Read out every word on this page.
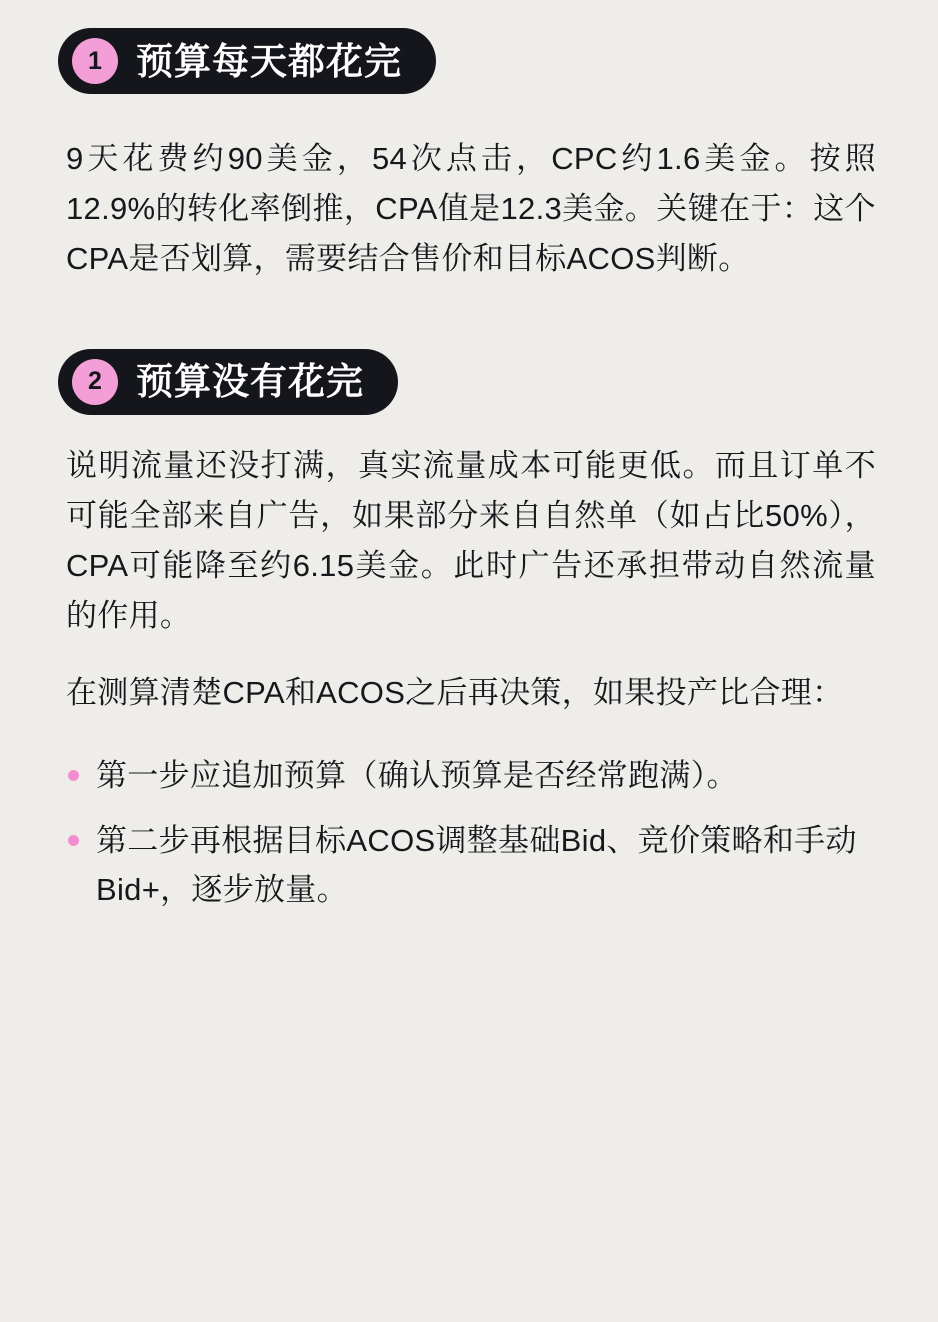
1 预算每天都花完

9天花费约90美金，54次点击，CPC约1.6美金。按照12.9%的转化率倒推，CPA值是12.3美金。关键在于：这个CPA是否划算，需要结合售价和目标ACOS判断。

2 预算没有花完

说明流量还没打满，真实流量成本可能更低。而且订单不可能全部来自广告，如果部分来自自然单（如占比50%），CPA可能降至约6.15美金。此时广告还承担带动自然流量的作用。

在测算清楚CPA和ACOS之后再决策，如果投产比合理：

第一步应追加预算（确认预算是否经常跑满）。
第二步再根据目标ACOS调整基础Bid、竞价策略和手动Bid+，逐步放量。
